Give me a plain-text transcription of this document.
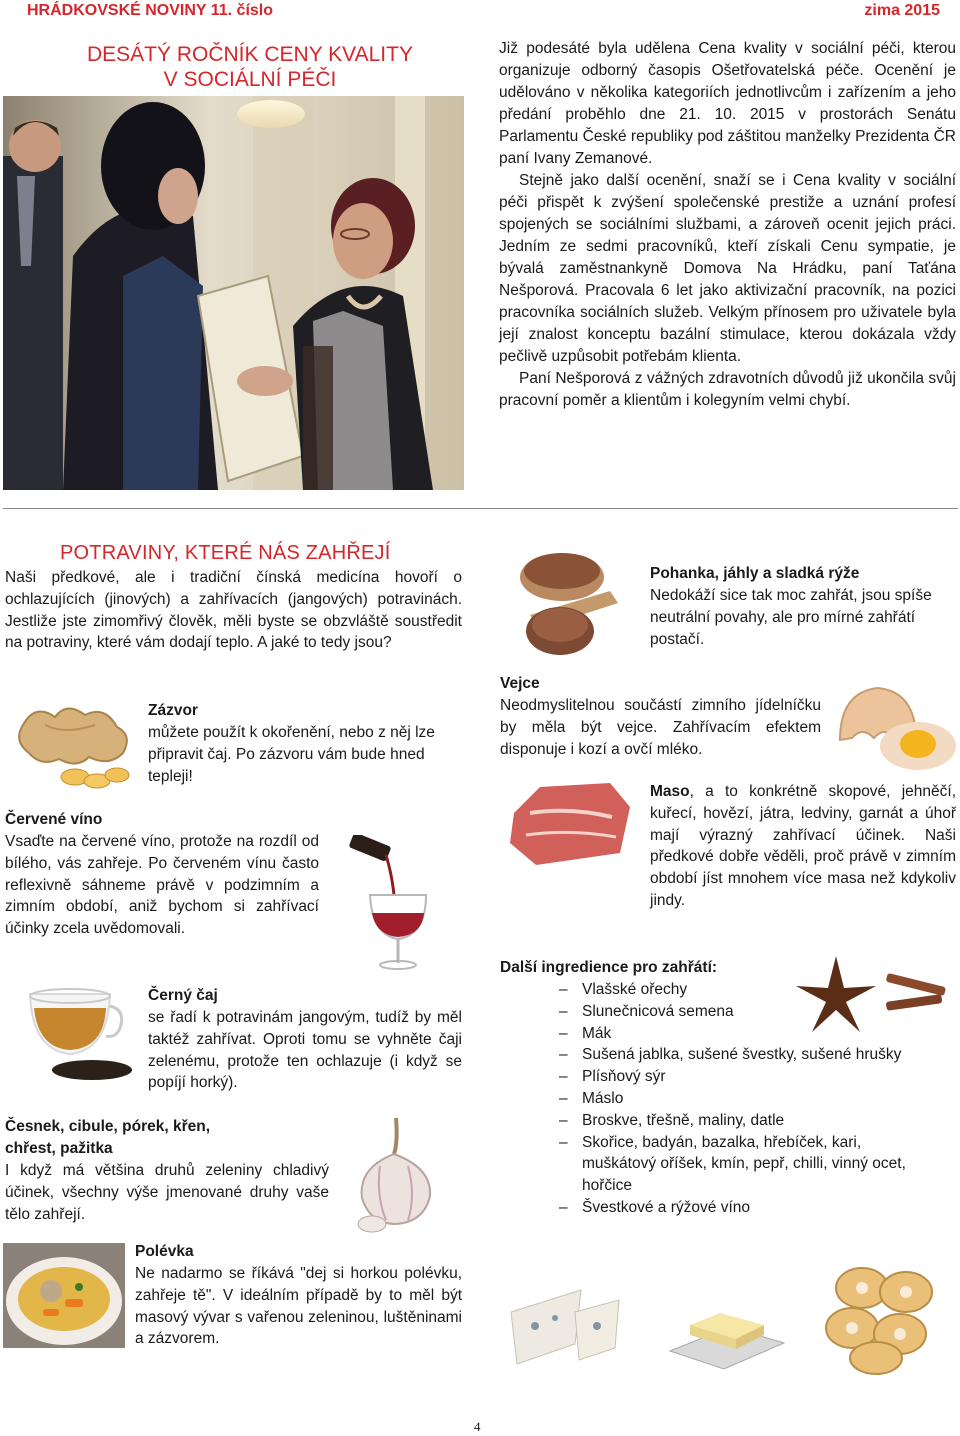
HRÁDKOVSKÉ NOVINY 11. číslo	zima 2015
DESÁTÝ ROČNÍK CENY KVALITY
V SOCIÁLNÍ PÉČI

Již podesáté byla udělena Cena kvality v sociální péči, kterou organizuje odborný časopis Ošetřovatelská péče. Ocenění je udělováno v několika kategoriích jednotlivcům i zařízením a jeho předání proběhlo dne 21. 10. 2015 v prostorách Senátu Parlamentu České republiky pod záštitou manželky Prezidenta ČR paní Ivany Zemanové.

Stejně jako další ocenění, snaží se i Cena kvality v sociální péči přispět k zvýšení společenské prestiže a uznání profesí spojených se sociálními službami, a zároveň ocenit jejich práci. Jedním ze sedmi pracovníků, kteří získali Cenu sympatie, je bývalá zaměstnankyně Domova Na Hrádku, paní Taťána Nešporová. Pracovala 6 let jako aktivizační pracovník, na pozici pracovníka sociálních služeb. Velkým přínosem pro uživatele byla její znalost konceptu bazální stimulace, kterou dokázala vždy pečlivě uzpůsobit potřebám klienta.

Paní Nešporová z vážných zdravotních důvodů již ukončila svůj pracovní poměr a klientům i kolegyním velmi chybí.

POTRAVINY, KTERÉ NÁS ZAHŘEJÍ
Naši předkové, ale i tradiční čínská medicína hovoří o ochlazujících (jinových) a zahřívacích (jangových) potravinách. Jestliže jste zimomřivý člověk, měli byste se obzvláště soustředit na potraviny, které vám dodají teplo. A jaké to tedy jsou?
Zázvor
můžete použít k okořenění, nebo z něj lze připravit čaj. Po zázvoru vám bude hned tepleji!
Červené víno
Vsaďte na červené víno, protože na rozdíl od bílého, vás zahřeje. Po červeném vínu často reflexivně sáhneme právě v podzimním a zimním období, aniž bychom si zahřívací účinky zcela uvědomovali.
Černý čaj
se řadí k potravinám jangovým, tudíž by měl taktéž zahřívat. Oproti tomu se vyhněte čaji zelenému, protože ten ochlazuje (i když se popíjí horký).
Česnek, cibule, pórek, křen,
chřest, pažitka
I když má většina druhů zeleniny chladivý účinek, všechny výše jmenované druhy vaše tělo zahřejí.
Polévka
Ne nadarmo se říkává "dej si horkou polévku, zahřeje tě". V ideálním případě by to měl být masový vývar s vařenou zeleninou, luštěninami a zázvorem.
Pohanka, jáhly a sladká rýže
Nedokáží sice tak moc zahřát, jsou spíše neutrální povahy, ale pro mírné zahřátí postačí.
Vejce
Neodmyslitelnou součástí zimního jídelníčku by měla být vejce. Zahřívacím efektem disponuje i kozí a ovčí mléko.
Maso, a to konkrétně skopové, jehněčí, kuřecí, hovězí, játra, ledviny, garnát a úhoř mají výrazný zahřívací účinek. Naši předkové dobře věděli, proč právě v zimním období jíst mnohem více masa než kdykoliv jindy.
Další ingredience pro zahřátí:
– Vlašské ořechy
– Slunečnicová semena
– Mák
– Sušená jablka, sušené švestky, sušené hrušky
– Plísňový sýr
– Máslo
– Broskve, třešně, maliny, datle
– Skořice, badyán, bazalka, hřebíček, kari, muškátový oříšek, kmín, pepř, chilli, vinný ocet, hořčice
– Švestkové a rýžové víno
4
